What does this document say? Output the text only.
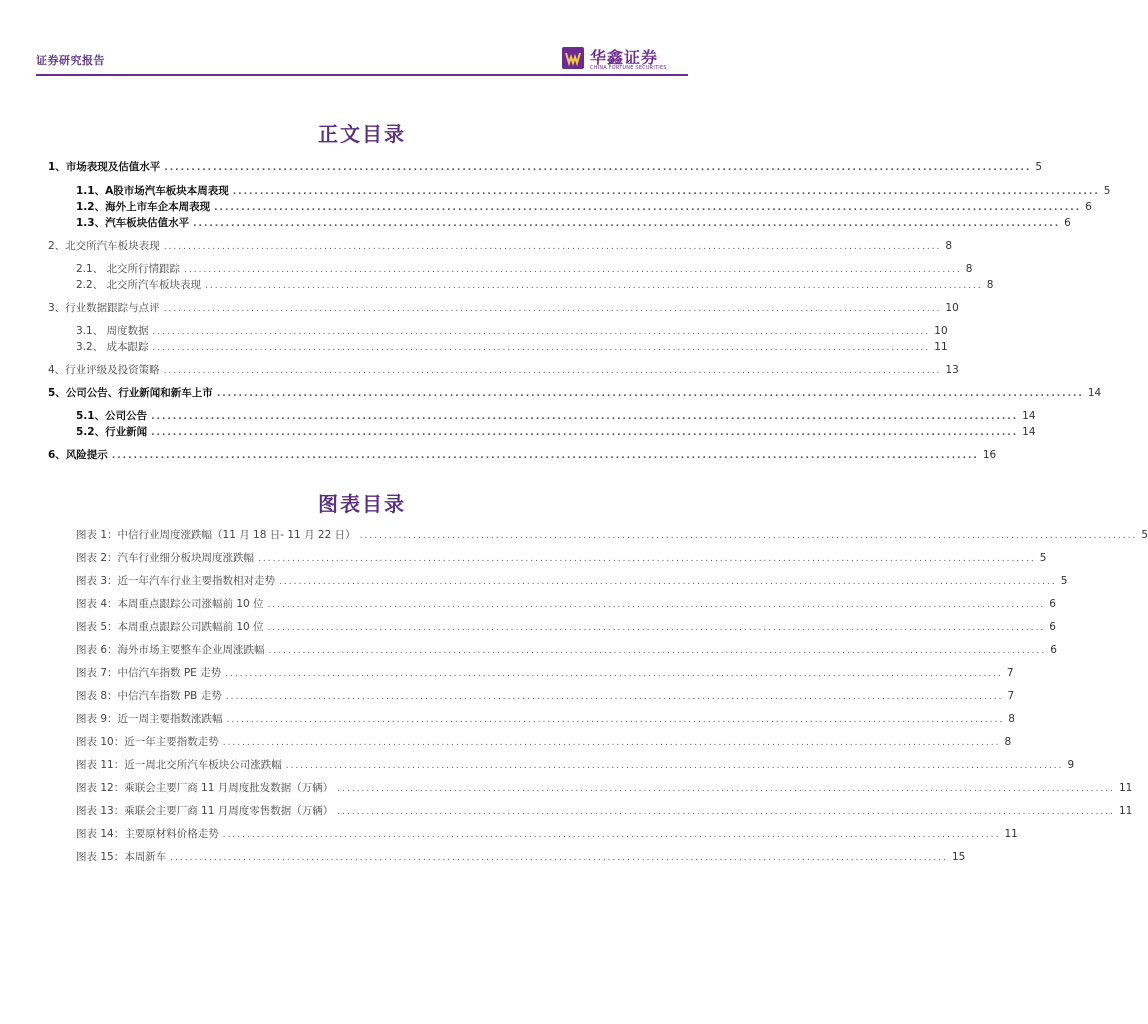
证券研究报告	华鑫证券
CHINA FORTUNE SECURITIES
正文目录
1、 市场表现及估值水平 ................................................................................................................................................................ 5
1.1、A股市场汽车板块本周表现 ................................................................................................................................................................ 5
1.2、海外上市车企本周表现 ................................................................................................................................................................ 6
1.3、汽车板块估值水平 ................................................................................................................................................................ 6
2、 北交所汽车板块表现 ................................................................................................................................................................ 8
2.1、 北交所行情跟踪 ................................................................................................................................................................ 8
2.2、 北交所汽车板块表现 ................................................................................................................................................................ 8
3、 行业数据跟踪与点评 ................................................................................................................................................................ 10
3.1、 周度数据 ................................................................................................................................................................ 10
3.2、 成本跟踪 ................................................................................................................................................................ 11
4、 行业评级及投资策略 ................................................................................................................................................................ 13
5、 公司公告、行业新闻和新车上市 ................................................................................................................................................................ 14
5.1、公司公告 ................................................................................................................................................................ 14
5.2、行业新闻 ................................................................................................................................................................ 14
6、 风险提示 ................................................................................................................................................................ 16
图表目录
图表 1：中信行业周度涨跌幅（11 月 18 日- 11 月 22 日） ................................................................................................................................................................ 5
图表 2：汽车行业细分板块周度涨跌幅 ................................................................................................................................................................ 5
图表 3：近一年汽车行业主要指数相对走势 ................................................................................................................................................................ 5
图表 4：本周重点跟踪公司涨幅前 10 位 ................................................................................................................................................................ 6
图表 5：本周重点跟踪公司跌幅前 10 位 ................................................................................................................................................................ 6
图表 6：海外市场主要整车企业周涨跌幅 ................................................................................................................................................................ 6
图表 7：中信汽车指数 PE 走势 ................................................................................................................................................................ 7
图表 8：中信汽车指数 PB 走势 ................................................................................................................................................................ 7
图表 9：近一周主要指数涨跌幅 ................................................................................................................................................................ 8
图表 10：近一年主要指数走势 ................................................................................................................................................................ 8
图表 11：近一周北交所汽车板块公司涨跌幅 ................................................................................................................................................................ 9
图表 12：乘联会主要厂商 11 月周度批发数据（万辆） ................................................................................................................................................................ 11
图表 13：乘联会主要厂商 11 月周度零售数据（万辆） ................................................................................................................................................................ 11
图表 14：主要原材料价格走势 ................................................................................................................................................................ 11
图表 15：本周新车 ................................................................................................................................................................ 15
